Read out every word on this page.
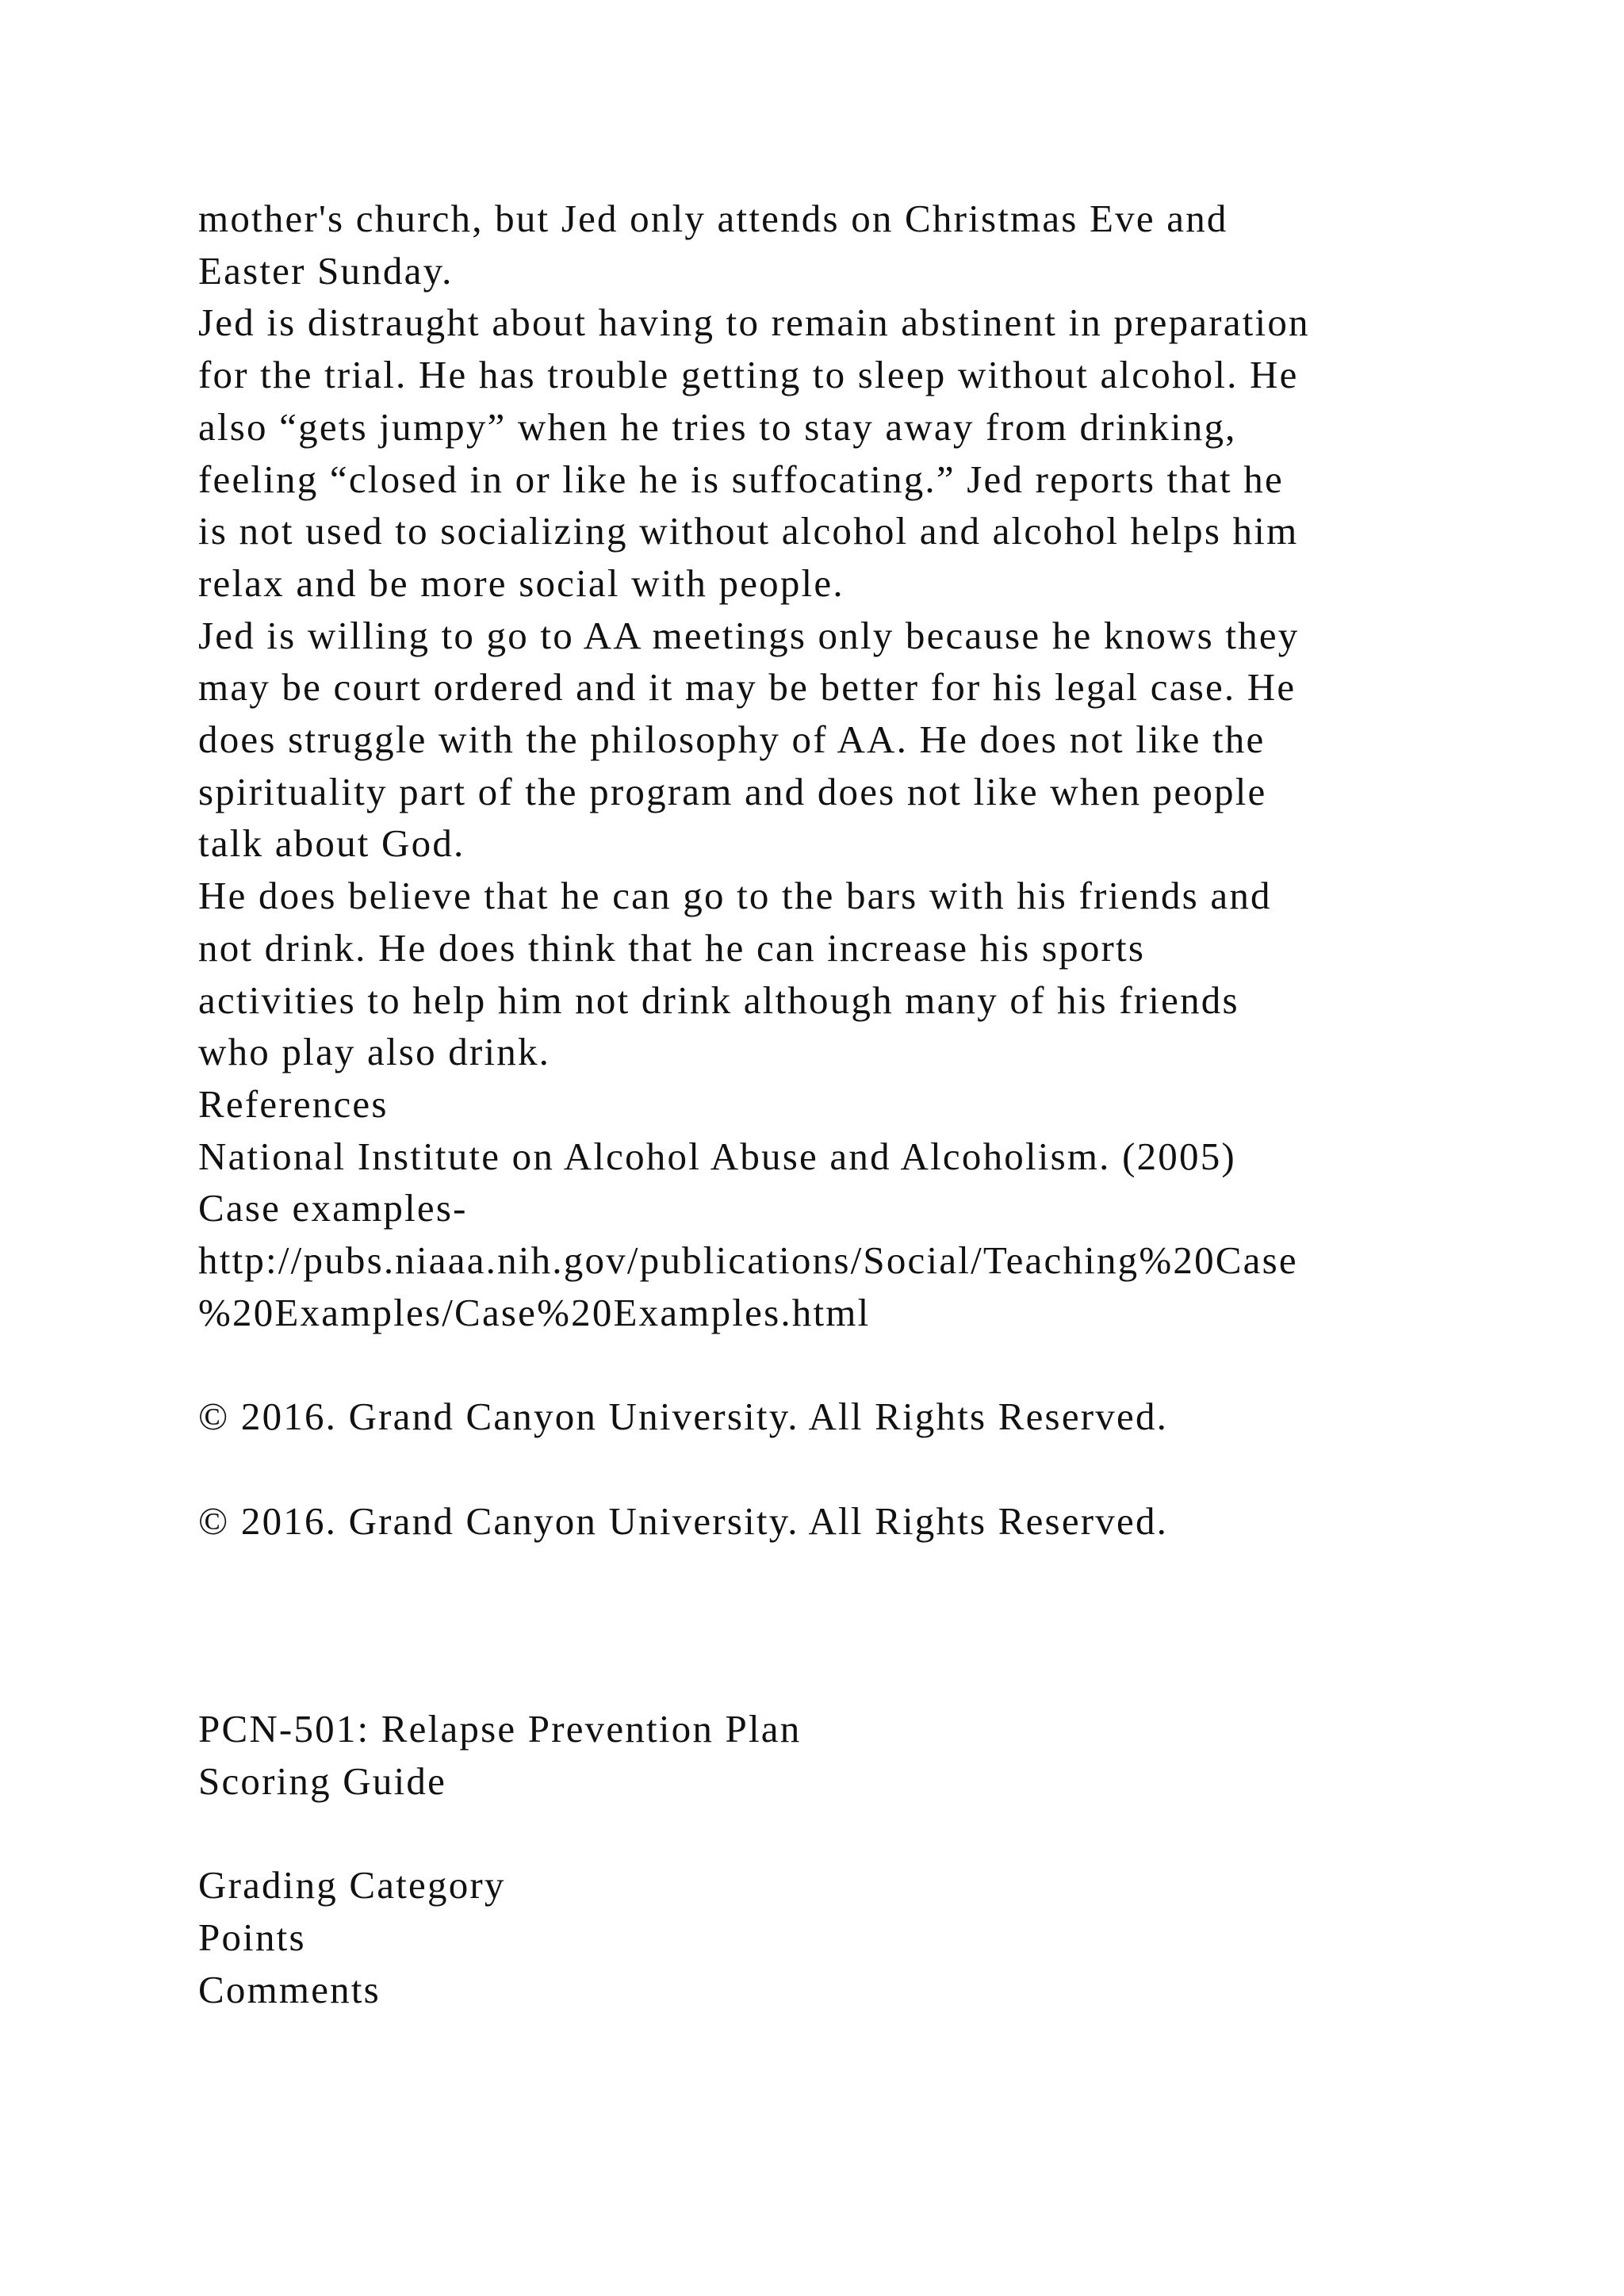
mother's church, but Jed only attends on Christmas Eve and
Easter Sunday.
Jed is distraught about having to remain abstinent in preparation
for the trial. He has trouble getting to sleep without alcohol. He
also “gets jumpy” when he tries to stay away from drinking,
feeling “closed in or like he is suffocating.” Jed reports that he
is not used to socializing without alcohol and alcohol helps him
relax and be more social with people.
Jed is willing to go to AA meetings only because he knows they
may be court ordered and it may be better for his legal case. He
does struggle with the philosophy of AA. He does not like the
spirituality part of the program and does not like when people
talk about God.
He does believe that he can go to the bars with his friends and
not drink. He does think that he can increase his sports
activities to help him not drink although many of his friends
who play also drink.
References
National Institute on Alcohol Abuse and Alcoholism. (2005)
Case examples-
http://pubs.niaaa.nih.gov/publications/Social/Teaching%20Case
%20Examples/Case%20Examples.html
© 2016. Grand Canyon University. All Rights Reserved.
© 2016. Grand Canyon University. All Rights Reserved.
PCN-501: Relapse Prevention Plan
Scoring Guide
Grading Category
Points
Comments
